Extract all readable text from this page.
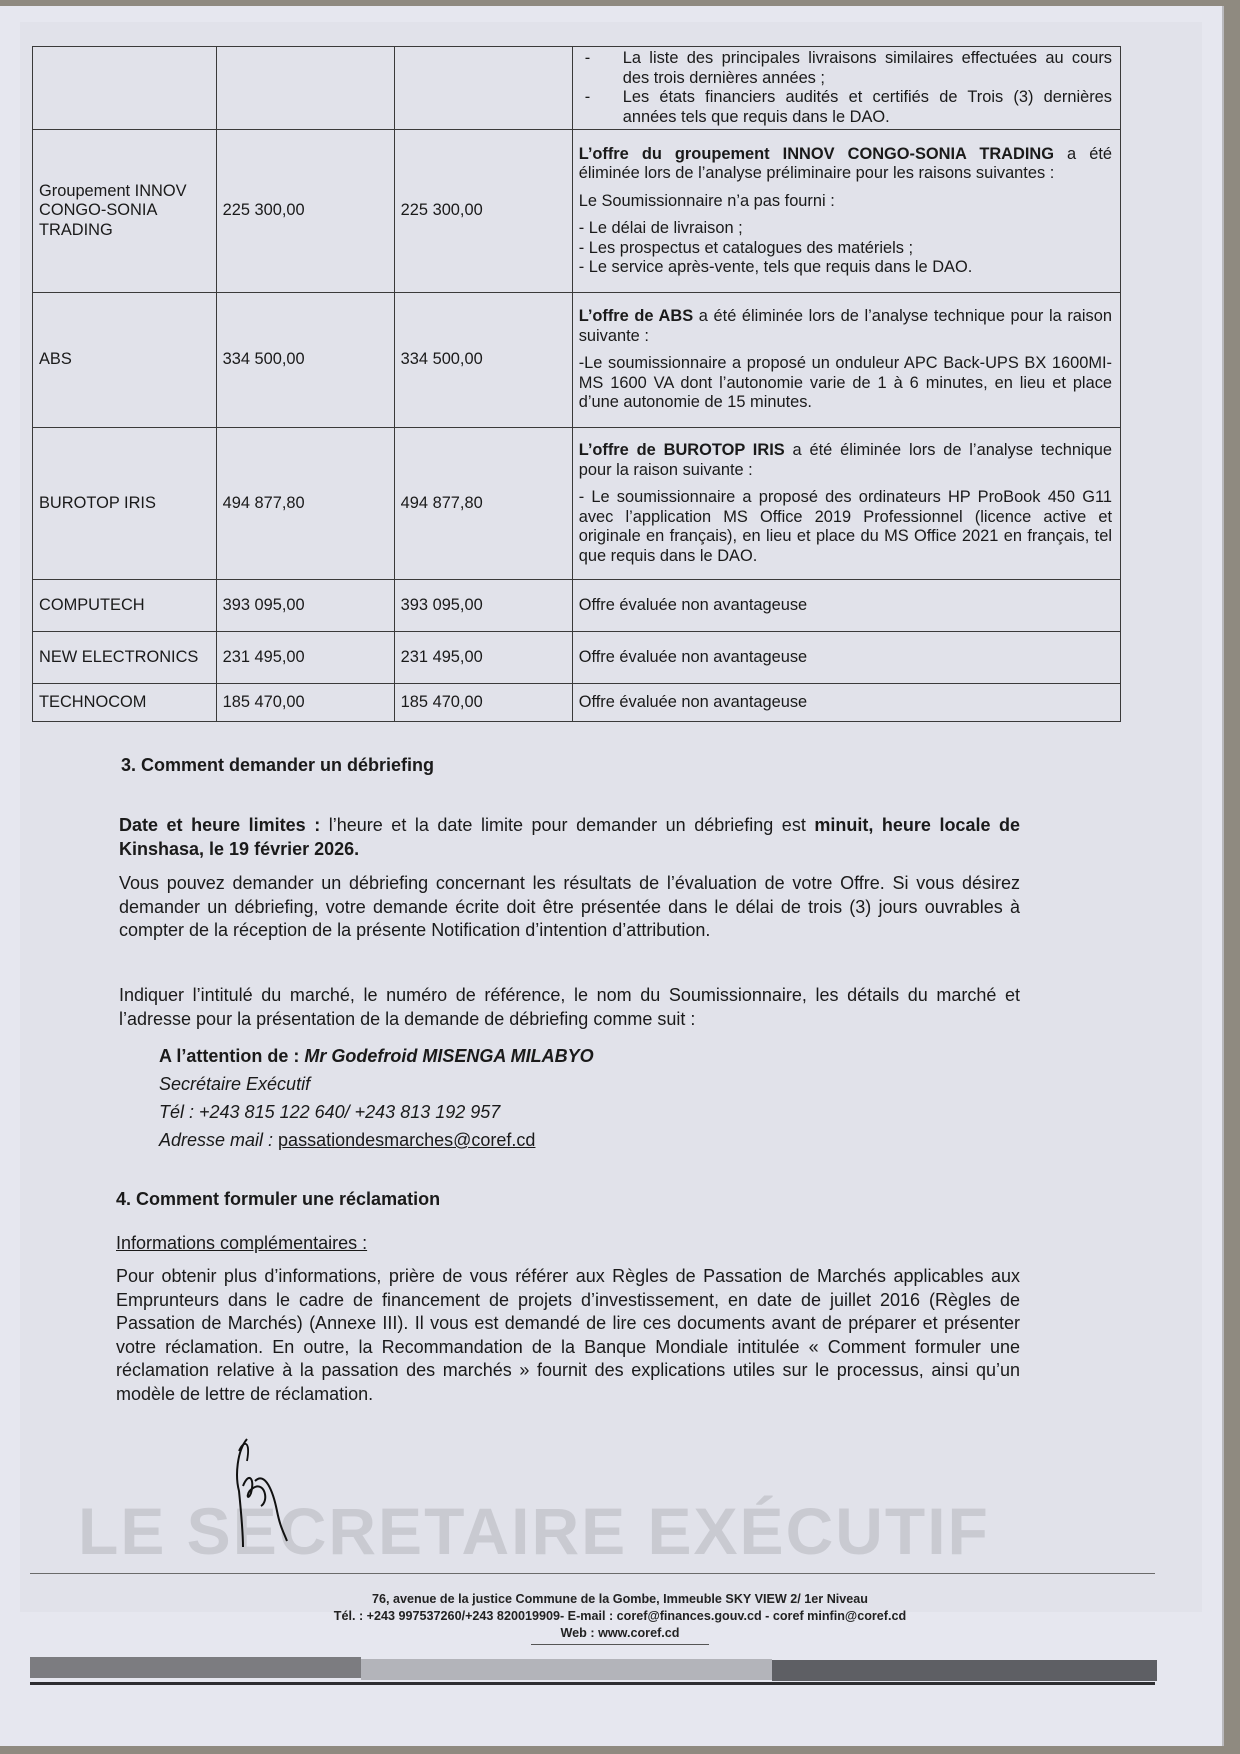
			- La liste des principales livraisons similaires effectuées au cours des trois dernières années ;
- Les états financiers audités et certifiés de Trois (3) dernières années tels que requis dans le DAO.

Groupement INNOV CONGO-SONIA TRADING	225 300,00	225 300,00	L’offre du groupement INNOV CONGO-SONIA TRADING a été éliminée lors de l’analyse préliminaire pour les raisons suivantes :

Le Soumissionnaire n’a pas fourni :

- Le délai de livraison ;
- Les prospectus et catalogues des matériels ;
- Le service après-vente, tels que requis dans le DAO.

ABS	334 500,00	334 500,00	L’offre de ABS a été éliminée lors de l’analyse technique pour la raison suivante :

-Le soumissionnaire a proposé un onduleur APC Back-UPS BX 1600MI-MS 1600 VA dont l’autonomie varie de 1 à 6 minutes, en lieu et place d’une autonomie de 15 minutes.

BUROTOP IRIS	494 877,80	494 877,80	L’offre de BUROTOP IRIS a été éliminée lors de l’analyse technique pour la raison suivante :

- Le soumissionnaire a proposé des ordinateurs HP ProBook 450 G11 avec l’application MS Office 2019 Professionnel (licence active et originale en français), en lieu et place du MS Office 2021 en français, tel que requis dans le DAO.

COMPUTECH	393 095,00	393 095,00	Offre évaluée non avantageuse
NEW ELECTRONICS	231 495,00	231 495,00	Offre évaluée non avantageuse
TECHNOCOM	185 470,00	185 470,00	Offre évaluée non avantageuse
3. Comment demander un débriefing
Date et heure limites : l’heure et la date limite pour demander un débriefing est minuit, heure locale de Kinshasa, le 19 février 2026.
Vous pouvez demander un débriefing concernant les résultats de l’évaluation de votre Offre. Si vous désirez demander un débriefing, votre demande écrite doit être présentée dans le délai de trois (3) jours ouvrables à compter de la réception de la présente Notification d’intention d’attribution.
Indiquer l’intitulé du marché, le numéro de référence, le nom du Soumissionnaire, les détails du marché et l’adresse pour la présentation de la demande de débriefing comme suit :
A l’attention de : Mr Godefroid MISENGA MILABYO
Secrétaire Exécutif
Tél : +243 815 122 640/ +243 813 192 957
Adresse mail : passationdesmarches@coref.cd
4. Comment formuler une réclamation
Informations complémentaires :
Pour obtenir plus d’informations, prière de vous référer aux Règles de Passation de Marchés applicables aux Emprunteurs dans le cadre de financement de projets d’investissement, en date de juillet 2016 (Règles de Passation de Marchés) (Annexe III). Il vous est demandé de lire ces documents avant de préparer et présenter votre réclamation. En outre, la Recommandation de la Banque Mondiale intitulée « Comment formuler une réclamation relative à la passation des marchés » fournit des explications utiles sur le processus, ainsi qu’un modèle de lettre de réclamation.
LE SECRETAIRE EXÉCUTIF
76, avenue de la justice Commune de la Gombe, Immeuble SKY VIEW 2/ 1er Niveau
Tél. : +243 997537260/+243 820019909- E-mail : coref@finances.gouv.cd - coref minfin@coref.cd
Web : www.coref.cd
